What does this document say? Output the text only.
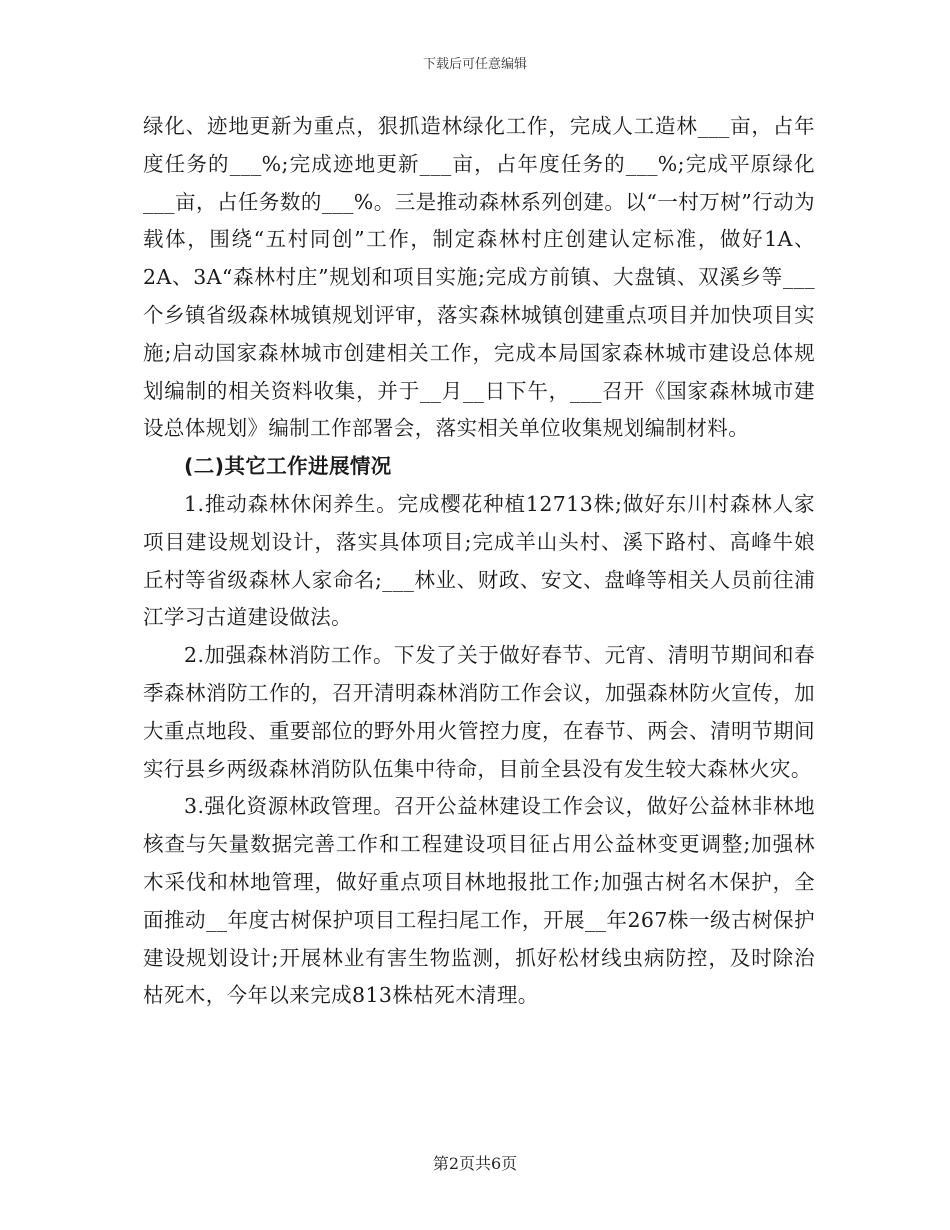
下载后可任意编辑

绿化、迹地更新为重点，狠抓造林绿化工作，完成人工造林___亩，占年度任务的___%;完成迹地更新___亩，占年度任务的___%;完成平原绿化___亩，占任务数的___%。三是推动森林系列创建。以“一村万树”行动为载体，围绕“五村同创”工作，制定森林村庄创建认定标准，做好1A、2A、3A“森林村庄”规划和项目实施;完成方前镇、大盘镇、双溪乡等___个乡镇省级森林城镇规划评审，落实森林城镇创建重点项目并加快项目实施;启动国家森林城市创建相关工作，完成本局国家森林城市建设总体规划编制的相关资料收集，并于__月__日下午，___召开《国家森林城市建设总体规划》编制工作部署会，落实相关单位收集规划编制材料。

(二)其它工作进展情况

1.推动森林休闲养生。完成樱花种植12713株;做好东川村森林人家项目建设规划设计，落实具体项目;完成羊山头村、溪下路村、高峰牛娘丘村等省级森林人家命名;___林业、财政、安文、盘峰等相关人员前往浦江学习古道建设做法。

2.加强森林消防工作。下发了关于做好春节、元宵、清明节期间和春季森林消防工作的，召开清明森林消防工作会议，加强森林防火宣传，加大重点地段、重要部位的野外用火管控力度，在春节、两会、清明节期间实行县乡两级森林消防队伍集中待命，目前全县没有发生较大森林火灾。

3.强化资源林政管理。召开公益林建设工作会议，做好公益林非林地核查与矢量数据完善工作和工程建设项目征占用公益林变更调整;加强林木采伐和林地管理，做好重点项目林地报批工作;加强古树名木保护，全面推动__年度古树保护项目工程扫尾工作，开展__年267株一级古树保护建设规划设计;开展林业有害生物监测，抓好松材线虫病防控，及时除治枯死木，今年以来完成813株枯死木清理。

第2页共6页
